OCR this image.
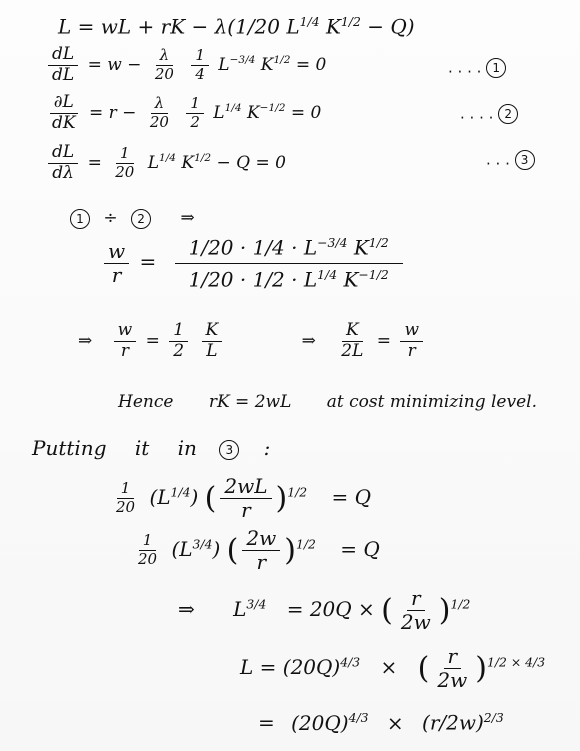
L = wL + rK − λ(1/20 $L^{1/4}$ $K^{1/2} - Q$)
$\frac{dL}{dL} = w - \frac{\lambda}{20}$
$\frac{1}{4} L^{-3/4}$ $K^{1/2} = 0$	. . . . 1
$\frac{\partial L}{dK} = r - \frac{\lambda}{20}$
$\frac{1}{2} L^{1/4}$ $K^{-1/2} = 0$	. . . . 2
$\frac{dL}{d\lambda} = \frac{1}{20} L^{1/4}$ $K^{1/2} - Q = 0$	. . . 3
1 ÷ 2 ⇒
$\frac{w}{r} = \frac{1/20 \cdot 1/4 \cdot L^{-3/4} K^{1/2}}{1/20 \cdot 1/2 \cdot L^{1/4} K^{-1/2}}$
⇒ $\frac{w}{r} = \frac{1}{2}$
$\frac{K}{L}$	⇒ $\frac{K}{2L} = \frac{w}{r}$
Hence rK = 2wL at cost minimizing level.
Putting it in 3 :
$\frac{1}{20} (L^{1/4})$ ( $\frac{2wL}{r} )^{1/2} = Q$
$\frac{1}{20} (L^{3/4})$ ( $\frac{2w}{r} )^{1/2} = Q$
⇒ $L^{3/4} = 20Q$ × ( $\frac{r}{2w} )^{1/2}$
$L = (20Q)^{4/3}$ × ( $\frac{r}{2w} )^{1/2 \times 4/3}$
= $(20Q)^{4/3} \times (r/2w)^{2/3}$
